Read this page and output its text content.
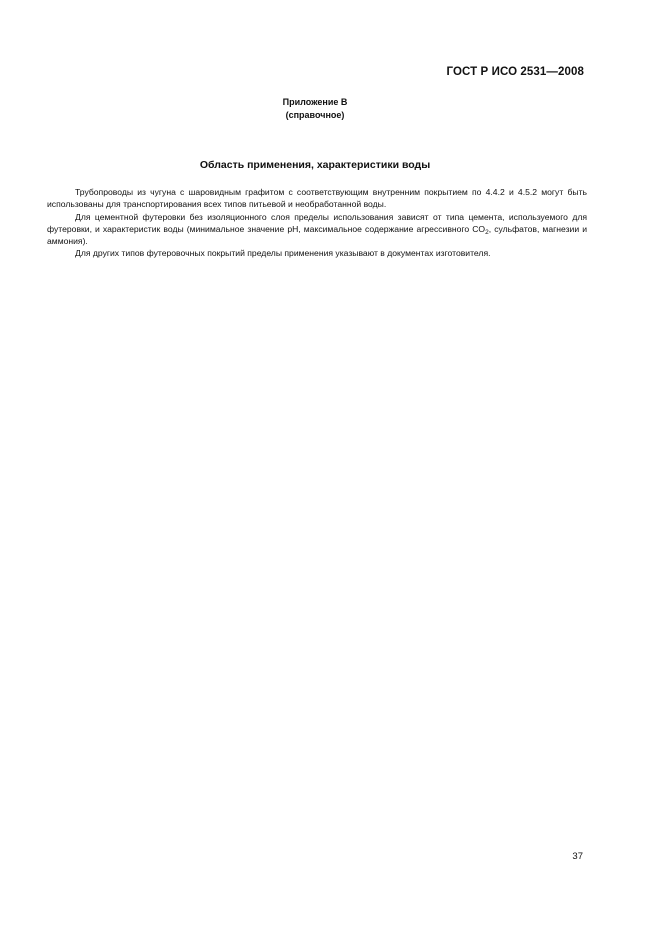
ГОСТ Р ИСО 2531—2008
Приложение В
(справочное)
Область применения, характеристики воды

Трубопроводы из чугуна с шаровидным графитом с соответствующим внутренним покрытием по 4.4.2 и 4.5.2 могут быть использованы для транспортирования всех типов питьевой и необработанной воды.

Для цементной футеровки без изоляционного слоя пределы использования зависят от типа цемента, используемого для футеровки, и характеристик воды (минимальное значение pH, максимальное содержание агрессивного $CO_2$, сульфатов, магнезии и аммония).

Для других типов футеровочных покрытий пределы применения указывают в документах изготовителя.

37
